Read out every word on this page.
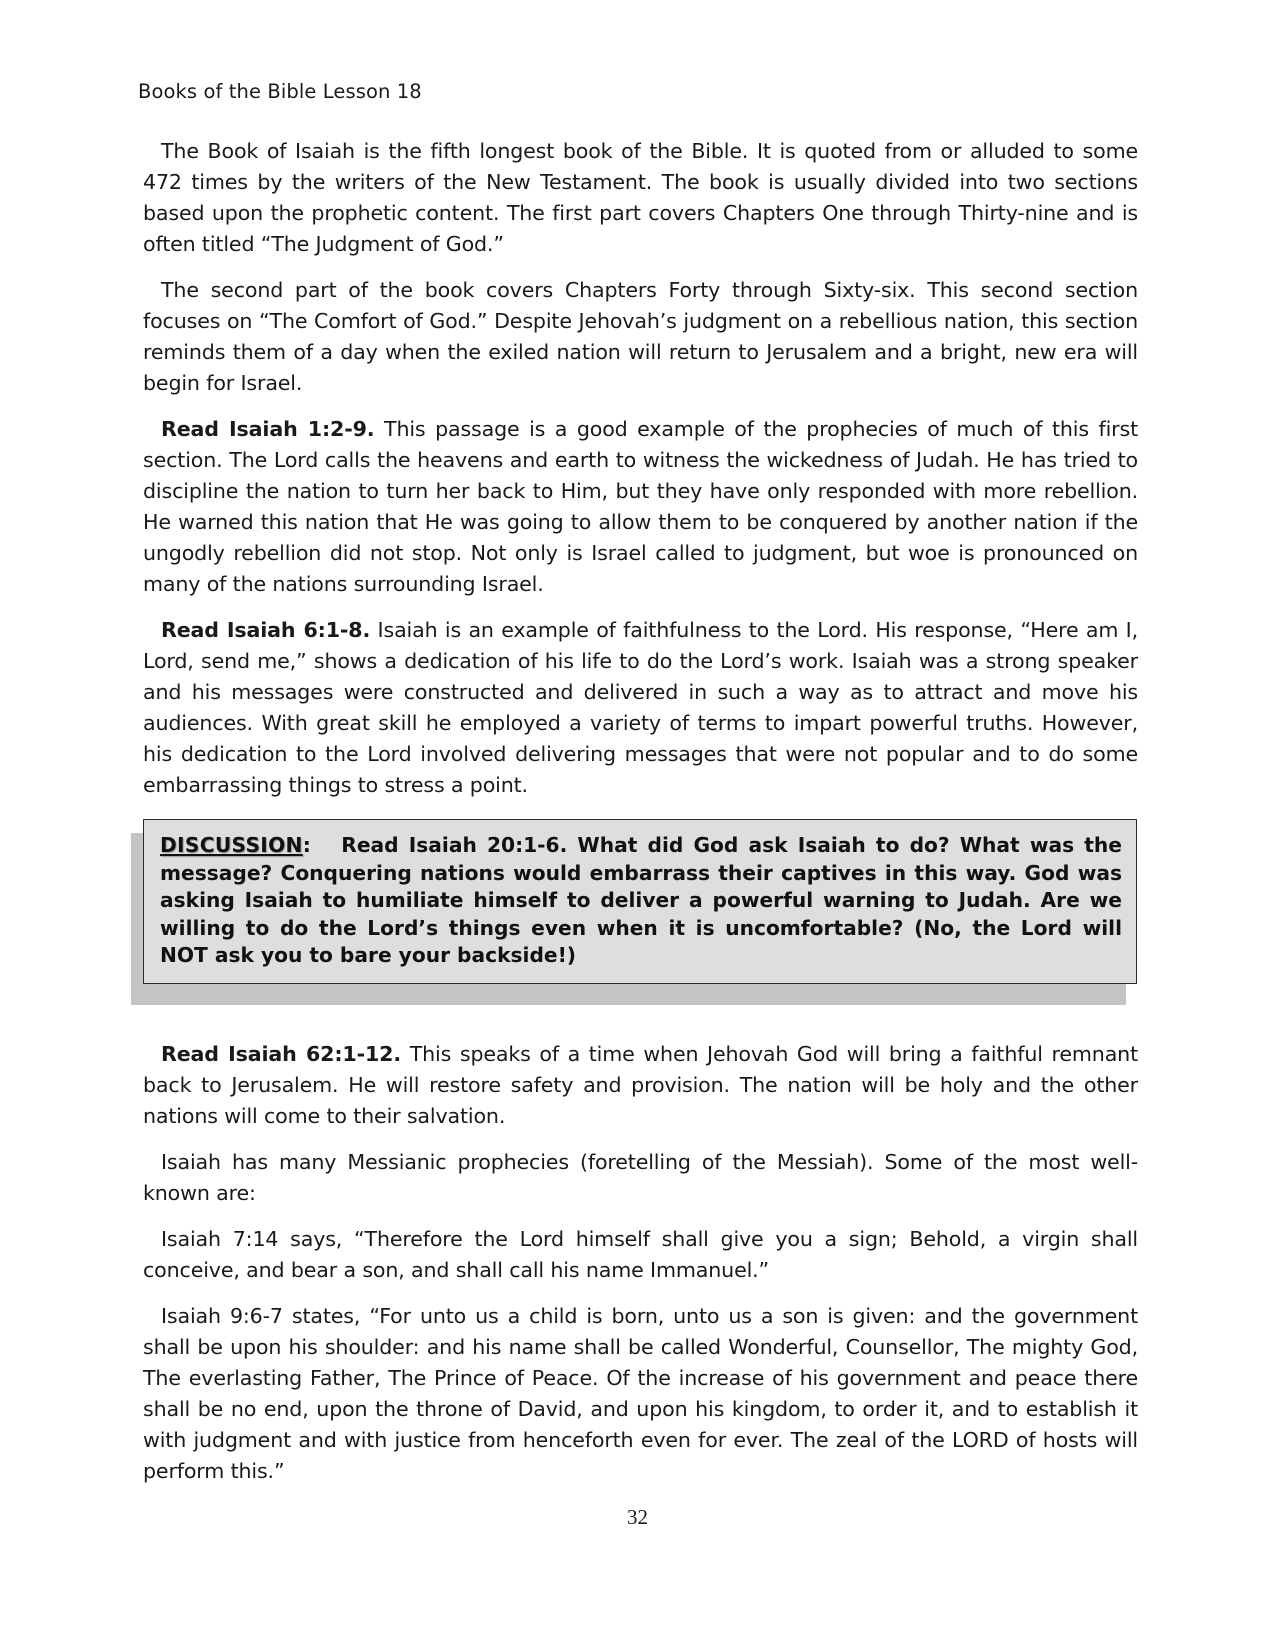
Books of the Bible Lesson 18

The Book of Isaiah is the fifth longest book of the Bible. It is quoted from or alluded to some 472 times by the writers of the New Testament. The book is usually divided into two sections based upon the prophetic content. The first part covers Chapters One through Thirty-nine and is often titled “The Judgment of God.”

The second part of the book covers Chapters Forty through Sixty-six. This second section focuses on “The Comfort of God.” Despite Jehovah’s judgment on a rebellious nation, this section reminds them of a day when the exiled nation will return to Jerusalem and a bright, new era will begin for Israel.

Read Isaiah 1:2-9. This passage is a good example of the prophecies of much of this first section. The Lord calls the heavens and earth to witness the wickedness of Judah. He has tried to discipline the nation to turn her back to Him, but they have only responded with more rebellion. He warned this nation that He was going to allow them to be conquered by another nation if the ungodly rebellion did not stop. Not only is Israel called to judgment, but woe is pronounced on many of the nations surrounding Israel.

Read Isaiah 6:1-8. Isaiah is an example of faithfulness to the Lord. His response, “Here am I, Lord, send me,” shows a dedication of his life to do the Lord’s work. Isaiah was a strong speaker and his messages were constructed and delivered in such a way as to attract and move his audiences. With great skill he employed a variety of terms to impart powerful truths. However, his dedication to the Lord involved delivering messages that were not popular and to do some embarrassing things to stress a point.

DISCUSSION: Read Isaiah 20:1-6. What did God ask Isaiah to do? What was the message? Conquering nations would embarrass their captives in this way. God was asking Isaiah to humiliate himself to deliver a powerful warning to Judah. Are we willing to do the Lord’s things even when it is uncomfortable? (No, the Lord will NOT ask you to bare your backside!)

Read Isaiah 62:1-12. This speaks of a time when Jehovah God will bring a faithful remnant back to Jerusalem. He will restore safety and provision. The nation will be holy and the other nations will come to their salvation.

Isaiah has many Messianic prophecies (foretelling of the Messiah). Some of the most well-known are:

Isaiah 7:14 says, “Therefore the Lord himself shall give you a sign; Behold, a virgin shall conceive, and bear a son, and shall call his name Immanuel.”

Isaiah 9:6-7 states, “For unto us a child is born, unto us a son is given: and the government shall be upon his shoulder: and his name shall be called Wonderful, Counsellor, The mighty God, The everlasting Father, The Prince of Peace. Of the increase of his government and peace there shall be no end, upon the throne of David, and upon his kingdom, to order it, and to establish it with judgment and with justice from henceforth even for ever. The zeal of the LORD of hosts will perform this.”

32
